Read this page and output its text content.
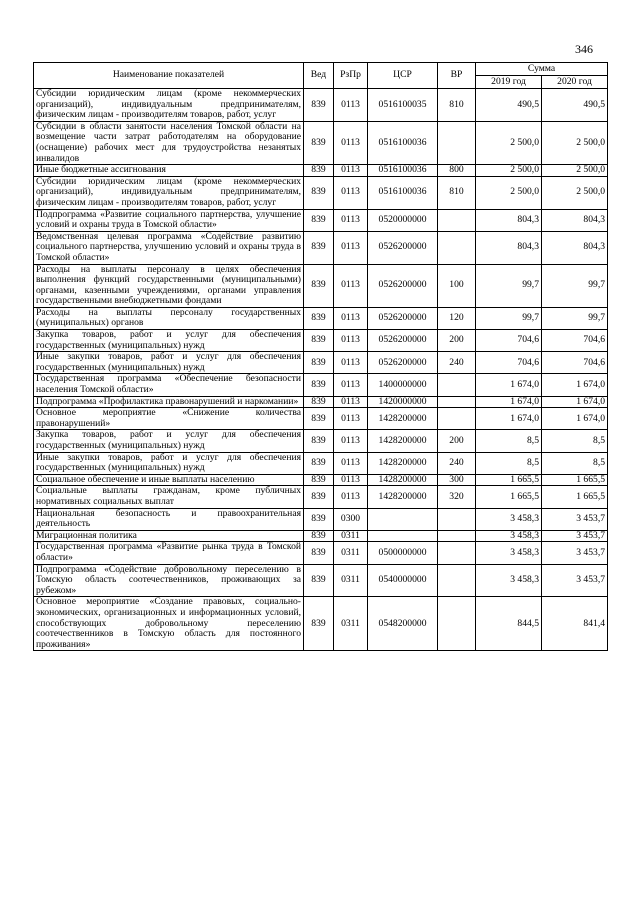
346
Наименование показателей	Вед	РзПр	ЦСР	ВР	Сумма	
					2019 год	2020 год
Субсидии юридическим лицам (кроме некоммерческих организаций), индивидуальным предпринимателям, физическим лицам - производителям товаров, работ, услуг	839	0113	0516100035	810	490,5	490,5
Субсидии в области занятости населения Томской области на возмещение части затрат работодателям на оборудование (оснащение) рабочих мест для трудоустройства незанятых инвалидов	839	0113	0516100036		2 500,0	2 500,0
Иные бюджетные ассигнования	839	0113	0516100036	800	2 500,0	2 500,0
Субсидии юридическим лицам (кроме некоммерческих организаций), индивидуальным предпринимателям, физическим лицам - производителям товаров, работ, услуг	839	0113	0516100036	810	2 500,0	2 500,0
Подпрограмма «Развитие социального партнерства, улучшение условий и охраны труда в Томской области»	839	0113	0520000000		804,3	804,3
Ведомственная целевая программа «Содействие развитию социального партнерства, улучшению условий и охраны труда в Томской области»	839	0113	0526200000		804,3	804,3
Расходы на выплаты персоналу в целях обеспечения выполнения функций государственными (муниципальными) органами, казенными учреждениями, органами управления государственными внебюджетными фондами	839	0113	0526200000	100	99,7	99,7
Расходы на выплаты персоналу государственных (муниципальных) органов	839	0113	0526200000	120	99,7	99,7
Закупка товаров, работ и услуг для обеспечения государственных (муниципальных) нужд	839	0113	0526200000	200	704,6	704,6
Иные закупки товаров, работ и услуг для обеспечения государственных (муниципальных) нужд	839	0113	0526200000	240	704,6	704,6
Государственная программа «Обеспечение безопасности населения Томской области»	839	0113	1400000000		1 674,0	1 674,0
Подпрограмма «Профилактика правонарушений и наркомании»	839	0113	1420000000		1 674,0	1 674,0
Основное мероприятие «Снижение количества правонарушений»	839	0113	1428200000		1 674,0	1 674,0
Закупка товаров, работ и услуг для обеспечения государственных (муниципальных) нужд	839	0113	1428200000	200	8,5	8,5
Иные закупки товаров, работ и услуг для обеспечения государственных (муниципальных) нужд	839	0113	1428200000	240	8,5	8,5
Социальное обеспечение и иные выплаты населению	839	0113	1428200000	300	1 665,5	1 665,5
Социальные выплаты гражданам, кроме публичных нормативных социальных выплат	839	0113	1428200000	320	1 665,5	1 665,5
Национальная безопасность и правоохранительная деятельность	839	0300			3 458,3	3 453,7
Миграционная политика	839	0311			3 458,3	3 453,7
Государственная программа «Развитие рынка труда в Томской области»	839	0311	0500000000		3 458,3	3 453,7
Подпрограмма «Содействие добровольному переселению в Томскую область соотечественников, проживающих за рубежом»	839	0311	0540000000		3 458,3	3 453,7
Основное мероприятие «Создание правовых, социально-экономических, организационных и информационных условий, способствующих добровольному переселению соотечественников в Томскую область для постоянного проживания»	839	0311	0548200000		844,5	841,4
